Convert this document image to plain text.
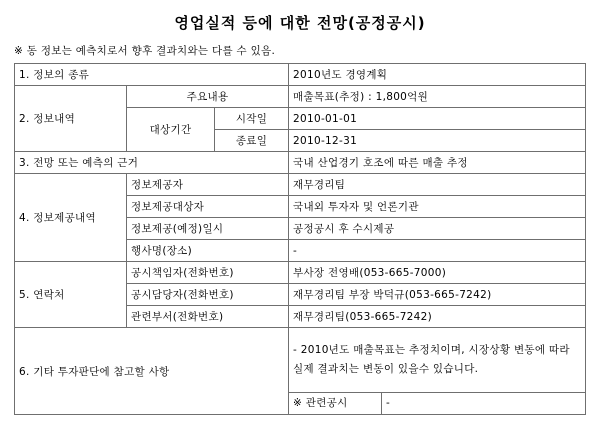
영업실적 등에 대한 전망(공정공시)
※ 동 정보는 예측치로서 향후 결과치와는 다를 수 있음.
1. 정보의 종류			2010년도 경영계획
2. 정보내역	주요내용		매출목표(추정) : 1,800억원
	대상기간	시작일	2010-01-01
		종료일	2010-12-31
3. 전망 또는 예측의 근거			국내 산업경기 호조에 따른 매출 추정
4. 정보제공내역	정보제공자		재무경리팀
	정보제공대상자		국내외 투자자 및 언론기관
	정보제공(예정)일시		공정공시 후 수시제공
	행사명(장소)		-
5. 연락처	공시책임자(전화번호)		부사장 전영배(053-665-7000)
	공시담당자(전화번호)		재무경리팀 부장 박덕규(053-665-7242)
	관련부서(전화번호)		재무경리팀(053-665-7242)
6. 기타 투자판단에 참고할 사항			- 2010년도 매출목표는 추정치이며, 시장상황 변동에 따라 실제 결과치는 변동이 있을수 있습니다.

			※ 관련공시 -
